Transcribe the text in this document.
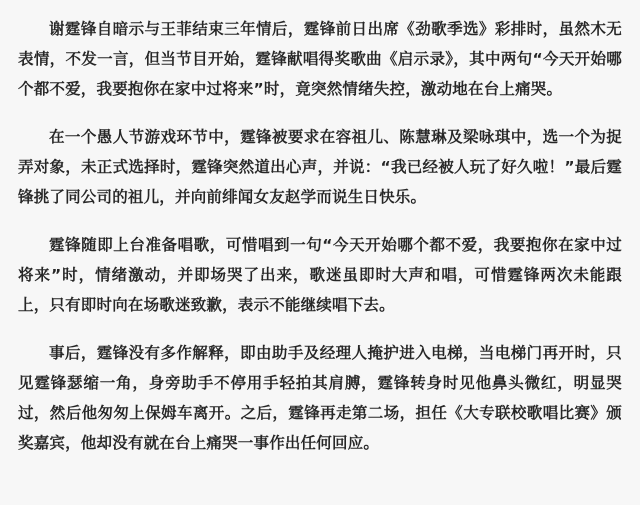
谢霆锋自暗示与王菲结束三年情后，霆锋前日出席《劲歌季选》彩排时，虽然木无表情，不发一言，但当节目开始，霆锋献唱得奖歌曲《启示录》，其中两句“今天开始哪个都不爱，我要抱你在家中过将来”时，竟突然情绪失控，激动地在台上痛哭。

在一个愚人节游戏环节中，霆锋被要求在容祖儿、陈慧琳及梁咏琪中，选一个为捉弄对象，未正式选择时，霆锋突然道出心声，并说：“我已经被人玩了好久啦！”最后霆锋挑了同公司的祖儿，并向前绯闻女友赵学而说生日快乐。

霆锋随即上台准备唱歌，可惜唱到一句“今天开始哪个都不爱，我要抱你在家中过将来”时，情绪激动，并即场哭了出来，歌迷虽即时大声和唱，可惜霆锋两次未能跟上，只有即时向在场歌迷致歉，表示不能继续唱下去。

事后，霆锋没有多作解释，即由助手及经理人掩护进入电梯，当电梯门再开时，只见霆锋瑟缩一角，身旁助手不停用手轻拍其肩膊，霆锋转身时见他鼻头微红，明显哭过，然后他匆匆上保姆车离开。之后，霆锋再走第二场，担任《大专联校歌唱比赛》颁奖嘉宾，他却没有就在台上痛哭一事作出任何回应。
